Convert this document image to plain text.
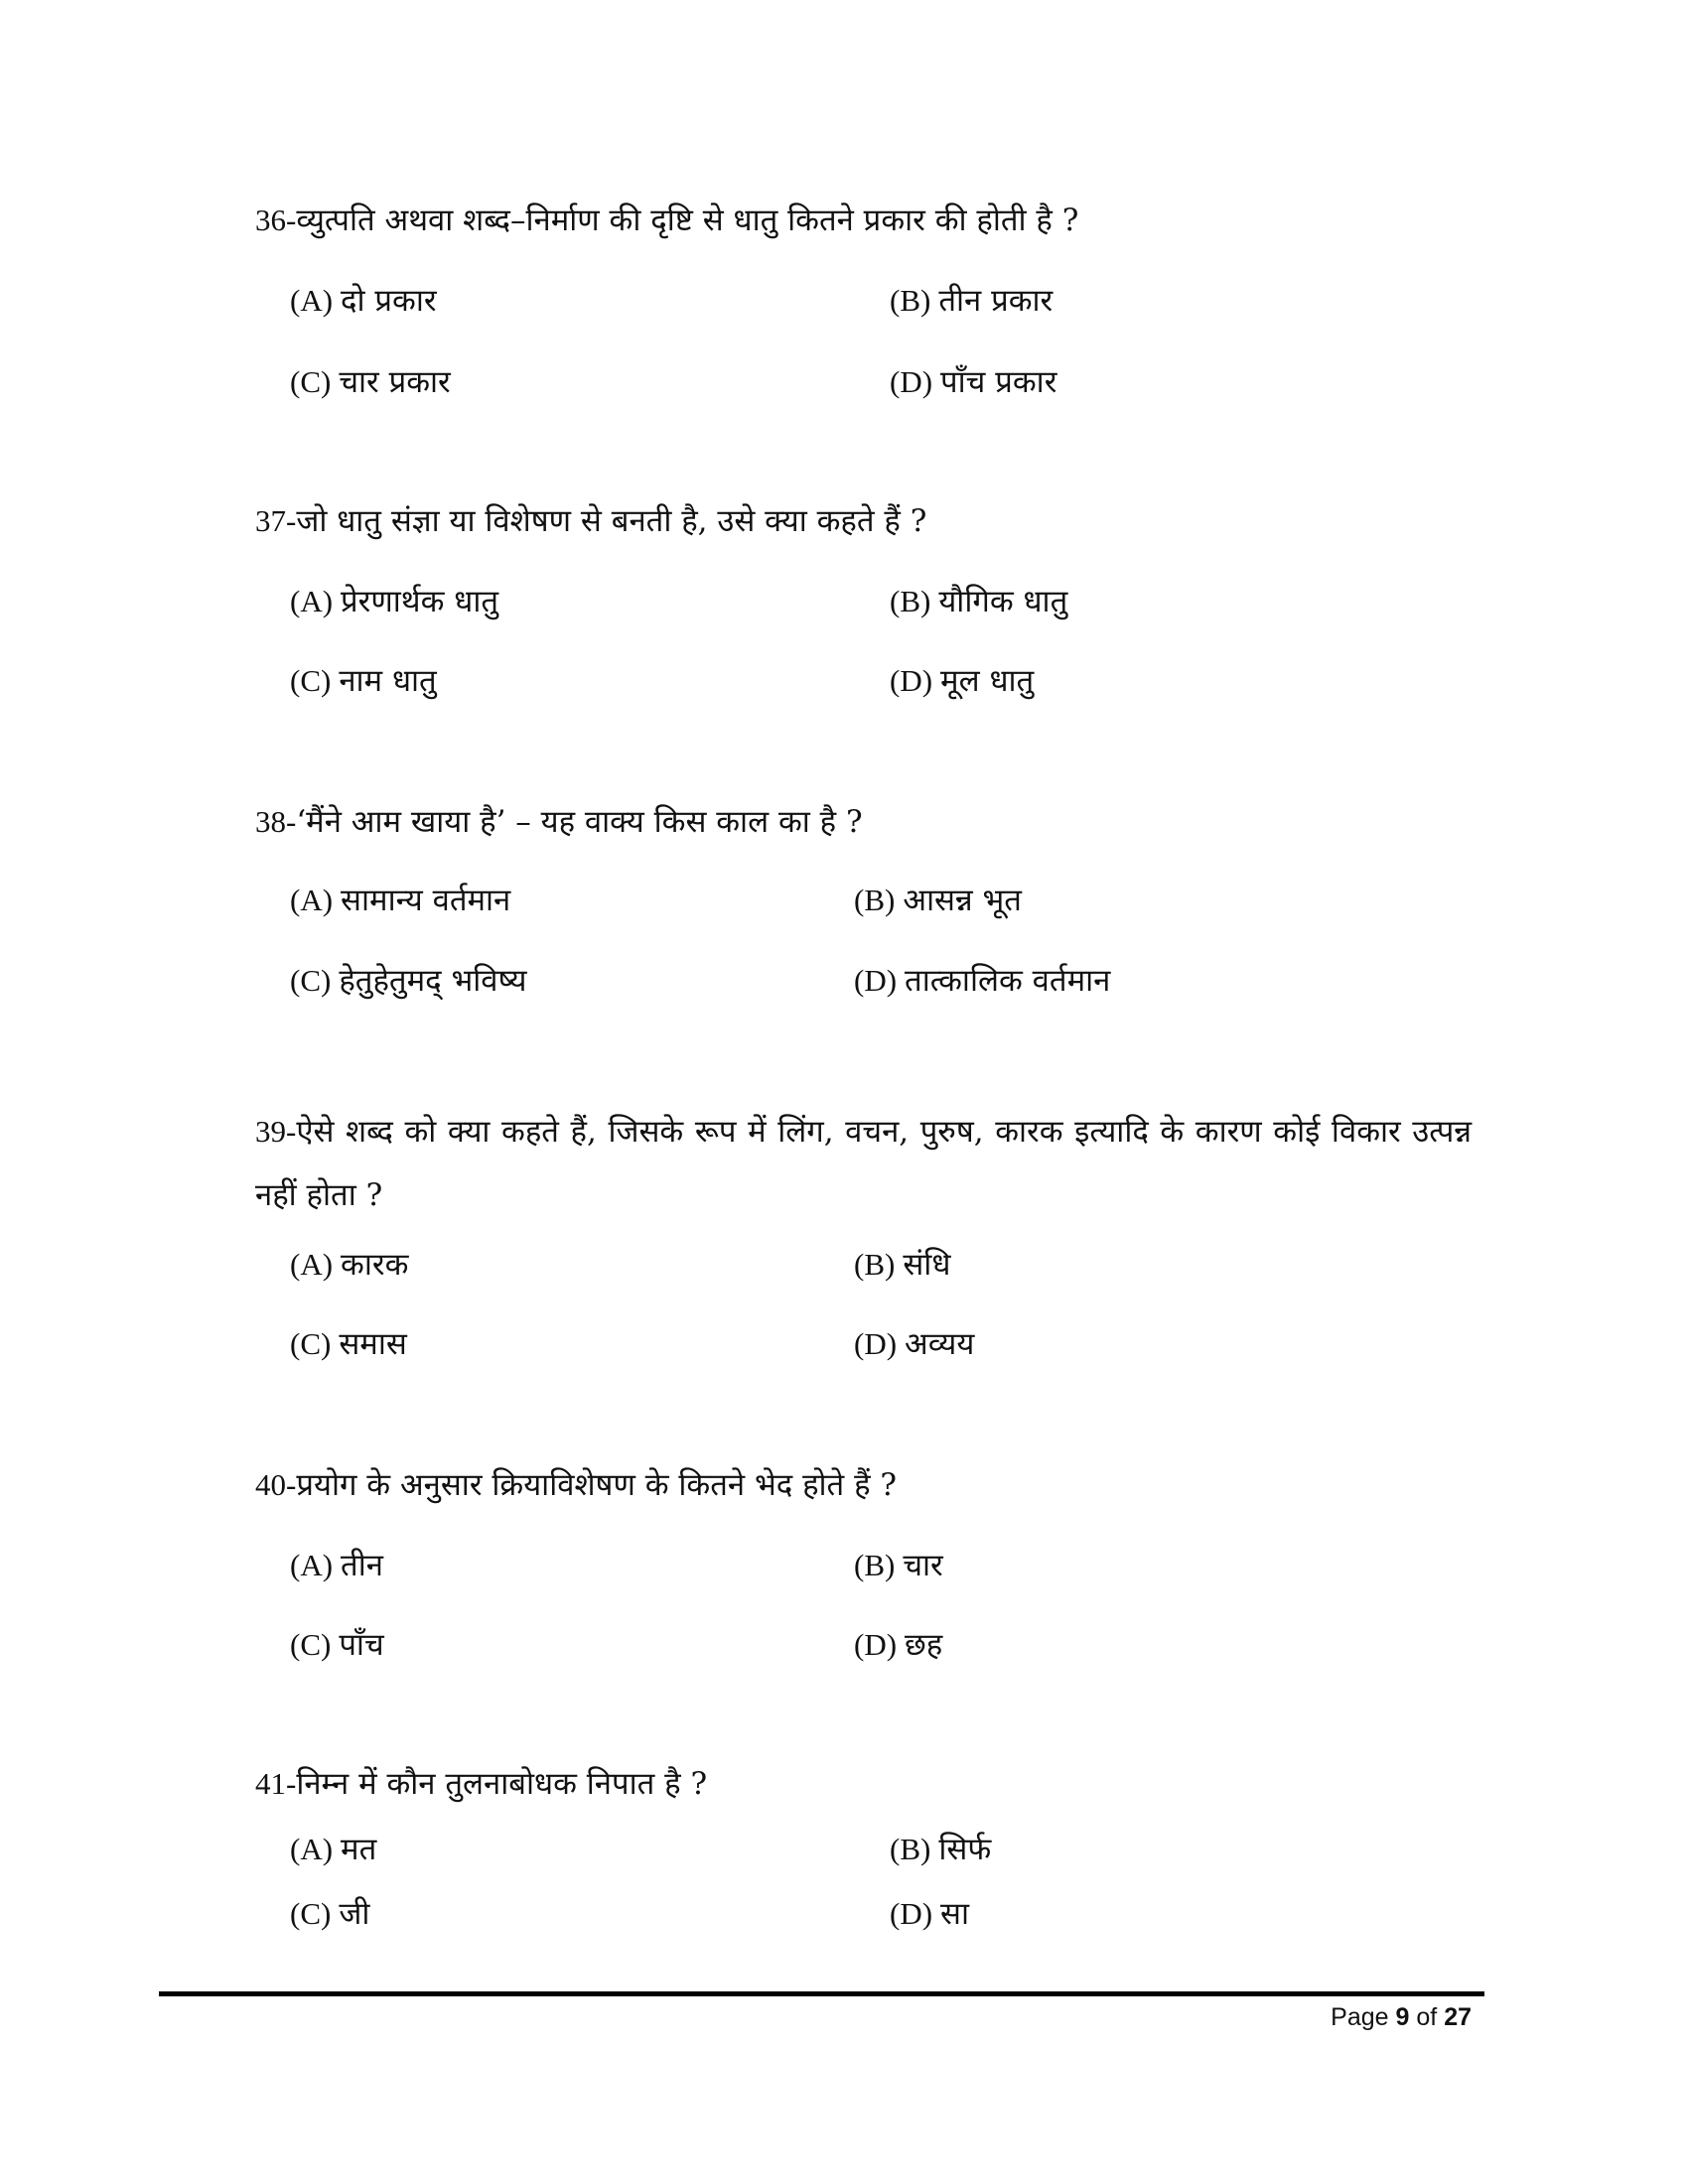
36-व्युत्पति अथवा शब्द–निर्माण की दृष्टि से धातु कितने प्रकार की होती है ?
(A) दो प्रकार	(B) तीन प्रकार
(C) चार प्रकार	(D) पाँच प्रकार
37-जो धातु संज्ञा या विशेषण से बनती है, उसे क्या कहते हैं ?
(A) प्रेरणार्थक धातु	(B) यौगिक धातु
(C) नाम धातु	(D) मूल धातु
38-‘मैंने आम खाया है’ – यह वाक्य किस काल का है ?
(A) सामान्य वर्तमान	(B) आसन्न भूत
(C) हेतुहेतुमद् भविष्य	(D) तात्कालिक वर्तमान
39-ऐसे शब्द को क्या कहते हैं, जिसके रूप में लिंग, वचन, पुरुष, कारक इत्यादि के कारण कोई विकार उत्पन्न नहीं होता ?
(A) कारक	(B) संधि
(C) समास	(D) अव्यय
40-प्रयोग के अनुसार क्रियाविशेषण के कितने भेद होते हैं ?
(A) तीन	(B) चार
(C) पाँच	(D) छह
41-निम्न में कौन तुलनाबोधक निपात है ?
(A) मत	(B) सिर्फ
(C) जी	(D) सा
Page 9 of 27
